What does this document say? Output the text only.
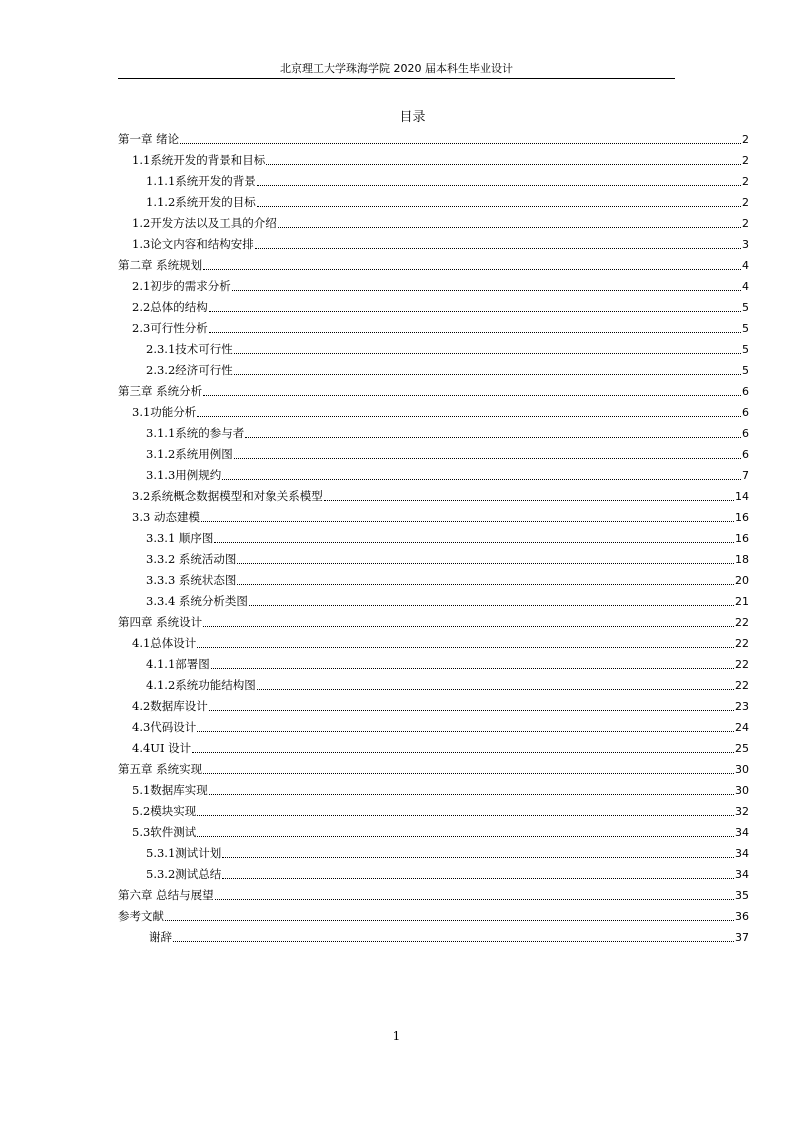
北京理工大学珠海学院 2020 届本科生毕业设计
目录
第一章 绪论	2
1.1系统开发的背景和目标	2
1.1.1系统开发的背景	2
1.1.2系统开发的目标	2
1.2开发方法以及工具的介绍	2
1.3论文内容和结构安排	3
第二章 系统规划	4
2.1初步的需求分析	4
2.2总体的结构	5
2.3可行性分析	5
2.3.1技术可行性	5
2.3.2经济可行性	5
第三章 系统分析	6
3.1功能分析	6
3.1.1系统的参与者	6
3.1.2系统用例图	6
3.1.3用例规约	7
3.2系统概念数据模型和对象关系模型	14
3.3 动态建模	16
3.3.1 顺序图	16
3.3.2 系统活动图	18
3.3.3 系统状态图	20
3.3.4 系统分析类图	21
第四章 系统设计	22
4.1总体设计	22
4.1.1部署图	22
4.1.2系统功能结构图	22
4.2数据库设计	23
4.3代码设计	24
4.4UI 设计	25
第五章 系统实现	30
5.1数据库实现	30
5.2模块实现	32
5.3软件测试	34
5.3.1测试计划	34
5.3.2测试总结	34
第六章 总结与展望	35
参考文献	36
谢辞	37
1
